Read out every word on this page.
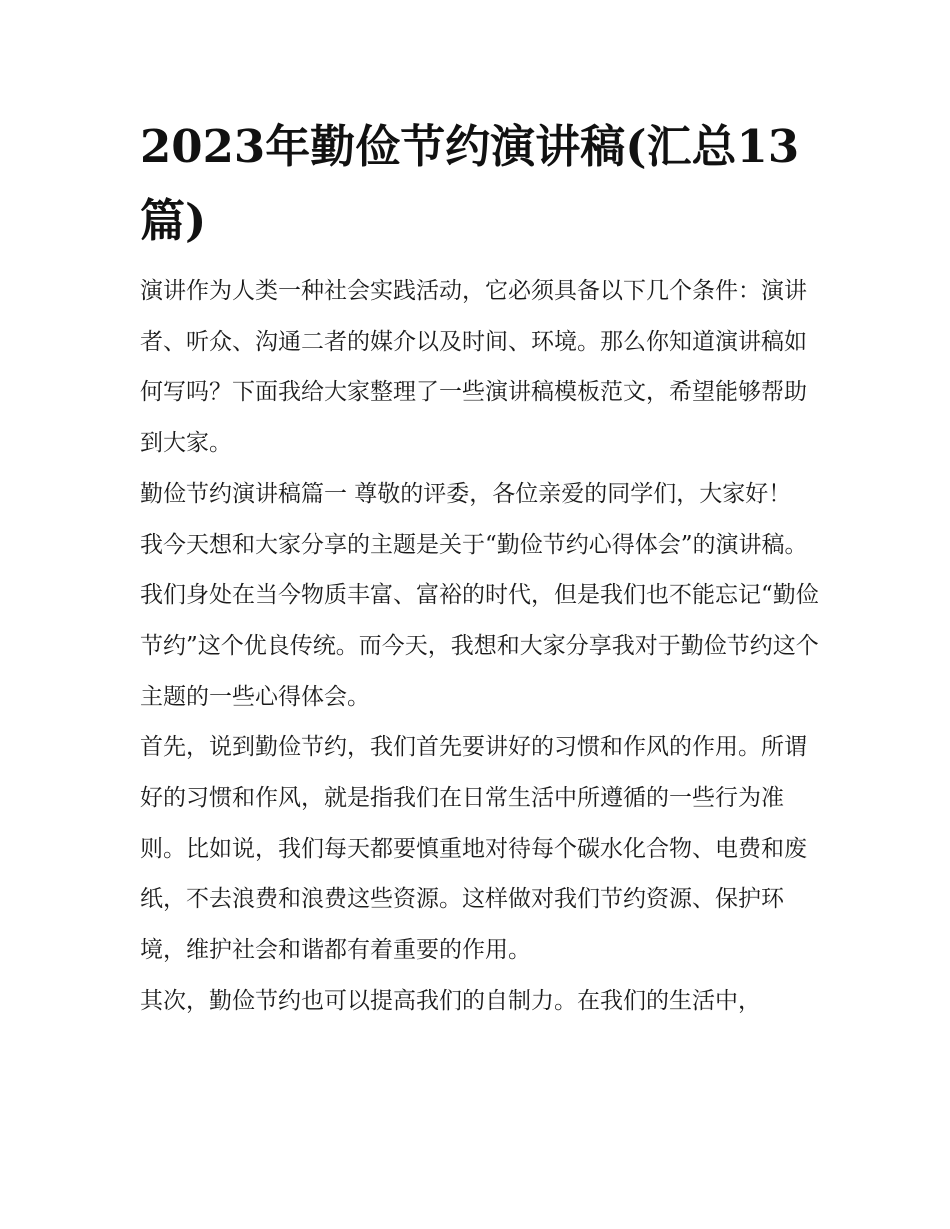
2023年勤俭节约演讲稿(汇总13篇)

演讲作为人类一种社会实践活动，它必须具备以下几个条件：演讲者、听众、沟通二者的媒介以及时间、环境。那么你知道演讲稿如何写吗？下面我给大家整理了一些演讲稿模板范文，希望能够帮助到大家。

勤俭节约演讲稿篇一 尊敬的评委，各位亲爱的同学们，大家好！

我今天想和大家分享的主题是关于“勤俭节约心得体会”的演讲稿。我们身处在当今物质丰富、富裕的时代，但是我们也不能忘记“勤俭节约”这个优良传统。而今天，我想和大家分享我对于勤俭节约这个主题的一些心得体会。

首先，说到勤俭节约，我们首先要讲好的习惯和作风的作用。所谓好的习惯和作风，就是指我们在日常生活中所遵循的一些行为准则。比如说，我们每天都要慎重地对待每个碳水化合物、电费和废纸，不去浪费和浪费这些资源。这样做对我们节约资源、保护环境，维护社会和谐都有着重要的作用。

其次，勤俭节约也可以提高我们的自制力。在我们的生活中，
